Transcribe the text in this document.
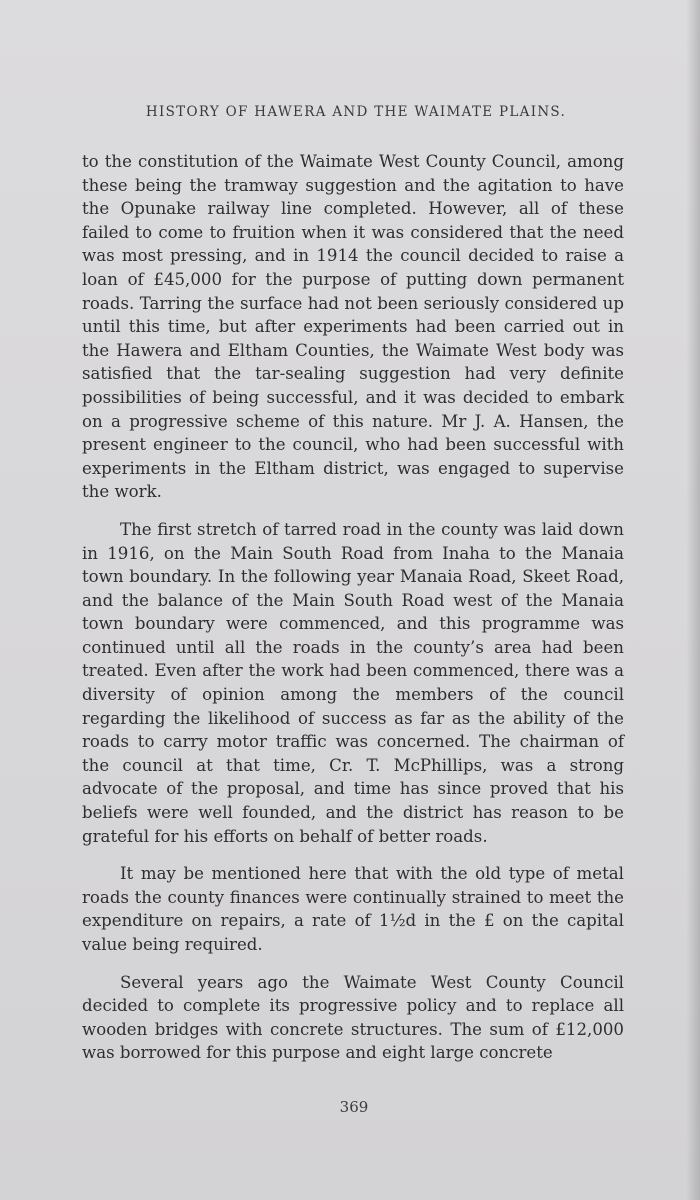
HISTORY OF HAWERA AND THE WAIMATE PLAINS.

to the constitution of the Waimate West County Council, among these being the tramway suggestion and the agitation to have the Opunake railway line completed. However, all of these failed to come to fruition when it was considered that the need was most pressing, and in 1914 the council decided to raise a loan of £45,000 for the purpose of putting down permanent roads. Tarring the surface had not been seriously considered up until this time, but after experiments had been carried out in the Hawera and Eltham Counties, the Waimate West body was satisfied that the tar-sealing suggestion had very definite possibilities of being successful, and it was decided to embark on a progressive scheme of this nature. Mr J. A. Hansen, the present engineer to the council, who had been successful with experiments in the Eltham district, was engaged to supervise the work.

The first stretch of tarred road in the county was laid down in 1916, on the Main South Road from Inaha to the Manaia town boundary. In the following year Manaia Road, Skeet Road, and the balance of the Main South Road west of the Manaia town boundary were commenced, and this programme was continued until all the roads in the county’s area had been treated. Even after the work had been commenced, there was a diversity of opinion among the members of the council regarding the likelihood of success as far as the ability of the roads to carry motor traffic was concerned. The chairman of the council at that time, Cr. T. McPhillips, was a strong advocate of the proposal, and time has since proved that his beliefs were well founded, and the district has reason to be grateful for his efforts on behalf of better roads.

It may be mentioned here that with the old type of metal roads the county finances were continually strained to meet the expenditure on repairs, a rate of 1½d in the £ on the capital value being required.

Several years ago the Waimate West County Council decided to complete its progressive policy and to replace all wooden bridges with concrete structures. The sum of £12,000 was borrowed for this purpose and eight large concrete

369
